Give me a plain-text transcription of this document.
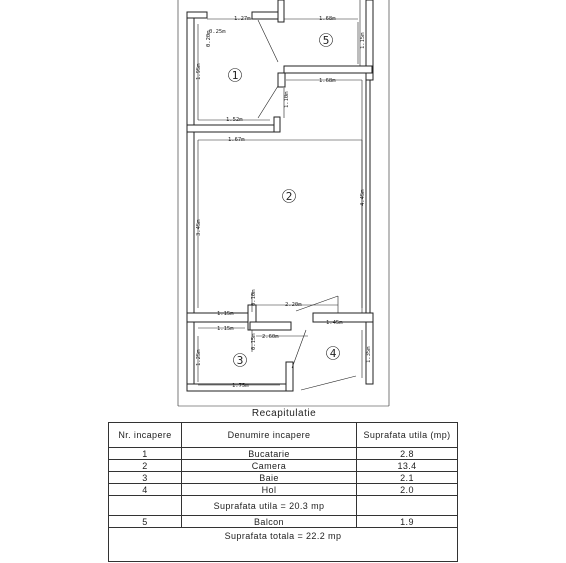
1.27m	1.68m
0.20m
0.25m
1.15m
1.95m
1.68m
1.10m
1.52m
1.67m
3.45m
4.45m
1.15m
0.10m	2.20m
1.15m
1.45m
0.15m 2.60m
1.25m	1.35m
1.75m
1
2
3
4
5
Recapitulatie
Nr. incapere	Denumire incapere	Suprafata utila (mp)
1	Bucatarie	2.8
2	Camera	13.4
3	Baie	2.1
4	Hol	2.0
	Suprafata utila = 20.3 mp	
5	Balcon	1.9
Suprafata totala = 22.2 mp		
